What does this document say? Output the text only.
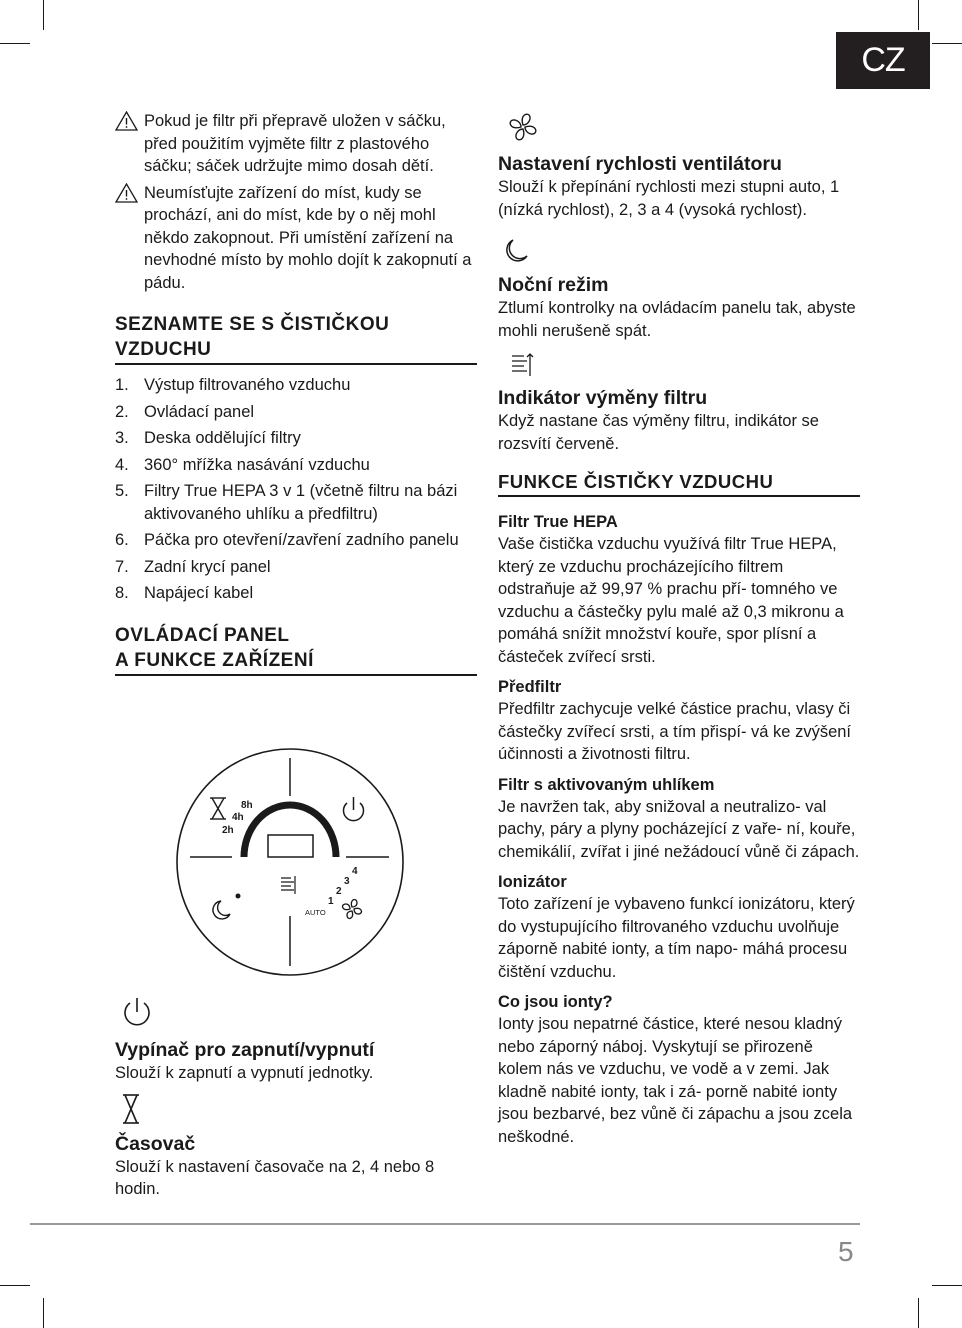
CZ
Pokud je filtr při přepravě uložen v sáčku, před použitím vyjměte filtr z plastového sáčku; sáček udržujte mimo dosah dětí.
Neumísťujte zařízení do míst, kudy se prochází, ani do míst, kde by o něj mohl někdo zakopnout. Při umístění zařízení na nevhodné místo by mohlo dojít k zakopnutí a pádu.
SEZNAMTE SE S ČISTIČKOU
VZDUCHU
1. Výstup filtrovaného vzduchu
2. Ovládací panel
3. Deska oddělující filtry
4. 360° mřížka nasávání vzduchu
5. Filtry True HEPA 3 v 1 (včetně filtru na bázi aktivovaného uhlíku a předfiltru)
6. Páčka pro otevření/zavření zadního panelu
7. Zadní krycí panel
8. Napájecí kabel
OVLÁDACÍ PANEL
A FUNKCE ZAŘÍZENÍ
8h
4h
2h
4
3
2
1
AUTO
Vypínač pro zapnutí/vypnutí
Slouží k zapnutí a vypnutí jednotky.
Časovač
Slouží k nastavení časovače na 2, 4 nebo 8 hodin.
Nastavení rychlosti ventilátoru
Slouží k přepínání rychlosti mezi stupni auto, 1 (nízká rychlost), 2, 3 a 4 (vysoká rychlost).
Noční režim
Ztlumí kontrolky na ovládacím panelu tak, abyste mohli nerušeně spát.
Indikátor výměny filtru
Když nastane čas výměny filtru, indikátor se rozsvítí červeně.
FUNKCE ČISTIČKY VZDUCHU
Filtr True HEPA
Vaše čistička vzduchu využívá filtr True HEPA, který ze vzduchu procházejícího filtrem odstraňuje až 99,97 % prachu pří- tomného ve vzduchu a částečky pylu malé až 0,3 mikronu a pomáhá snížit množství kouře, spor plísní a částeček zvířecí srsti.
Předfiltr
Předfiltr zachycuje velké částice prachu, vlasy či částečky zvířecí srsti, a tím přispí- vá ke zvýšení účinnosti a životnosti filtru.
Filtr s aktivovaným uhlíkem
Je navržen tak, aby snižoval a neutralizo- val pachy, páry a plyny pocházející z vaře- ní, kouře, chemikálií, zvířat i jiné nežádoucí vůně či zápach.
Ionizátor
Toto zařízení je vybaveno funkcí ionizátoru, který do vystupujícího filtrovaného vzduchu uvolňuje záporně nabité ionty, a tím napo- máhá procesu čištění vzduchu.
Co jsou ionty?
Ionty jsou nepatrné částice, které nesou kladný nebo záporný náboj. Vyskytují se přirozeně kolem nás ve vzduchu, ve vodě a v zemi. Jak kladně nabité ionty, tak i zá- porně nabité ionty jsou bezbarvé, bez vůně či zápachu a jsou zcela neškodné.
5
